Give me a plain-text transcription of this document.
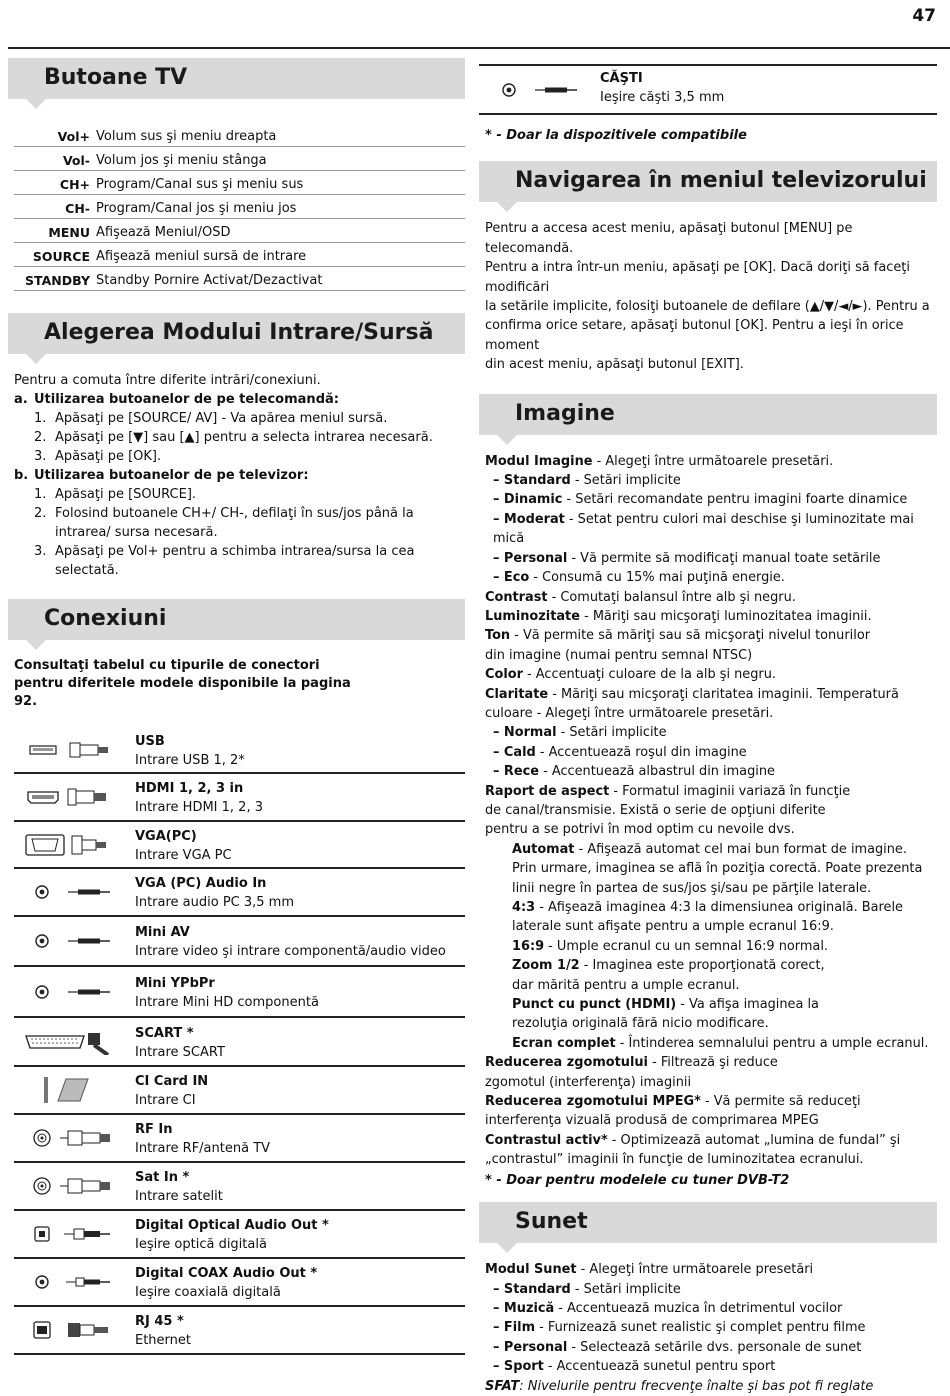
47
Butoane TV
Vol+ Volum sus şi meniu dreapta
Vol- Volum jos şi meniu stânga
CH+ Program/Canal sus şi meniu sus
CH- Program/Canal jos şi meniu jos
MENU Afişează Meniul/OSD
SOURCE Afişează meniul sursă de intrare
STANDBY Standby Pornire Activat/Dezactivat
Alegerea Modului Intrare/Sursă
Pentru a comuta între diferite intrări/conexiuni.
a. Utilizarea butoanelor de pe telecomandă:
1. Apăsaţi pe [SOURCE/ AV] - Va apărea meniul sursă.
2. Apăsaţi pe [▼] sau [▲] pentru a selecta intrarea necesară.
3. Apăsaţi pe [OK].
b. Utilizarea butoanelor de pe televizor:
1. Apăsaţi pe [SOURCE].
2. Folosind butoanele CH+/ CH-, defilaţi în sus/jos până la intrarea/ sursa necesară.
3. Apăsaţi pe Vol+ pentru a schimba intrarea/sursa la cea selectată.
Conexiuni
Consultaţi tabelul cu tipurile de conectori pentru diferitele modele disponibile la pagina 92.
USB
Intrare USB 1, 2*
HDMI 1, 2, 3 in
Intrare HDMI 1, 2, 3
VGA(PC)
Intrare VGA PC
VGA (PC) Audio In
Intrare audio PC 3,5 mm
Mini AV
Intrare video şi intrare componentă/audio video
Mini YPbPr
Intrare Mini HD componentă
SCART *
Intrare SCART
CI Card IN
Intrare CI
RF In
Intrare RF/antenă TV
Sat In *
Intrare satelit
Digital Optical Audio Out *
Ieşire optică digitală
Digital COAX Audio Out *
Ieşire coaxială digitală
RJ 45 *
Ethernet
CĂŞTI
Ieşire căşti 3,5 mm
* - Doar la dispozitivele compatibile
Navigarea în meniul televizorului
Pentru a accesa acest meniu, apăsaţi butonul [MENU] pe telecomandă.
Pentru a intra într-un meniu, apăsaţi pe [OK]. Dacă doriţi să faceţi modificări
la setările implicite, folosiţi butoanele de defilare (▲/▼/◄/►). Pentru a
confirma orice setare, apăsaţi butonul [OK]. Pentru a ieşi în orice moment
din acest meniu, apăsaţi butonul [EXIT].
Imagine
Modul Imagine - Alegeţi între următoarele presetări.
– Standard - Setări implicite
– Dinamic - Setări recomandate pentru imagini foarte dinamice
– Moderat - Setat pentru culori mai deschise şi luminozitate mai mică
– Personal - Vă permite să modificaţi manual toate setările
– Eco - Consumă cu 15% mai puţină energie.
Contrast - Comutaţi balansul între alb şi negru.
Luminozitate - Măriţi sau micşoraţi luminozitatea imaginii.
Ton - Vă permite să măriţi sau să micşoraţi nivelul tonurilor
din imagine (numai pentru semnal NTSC)
Color - Accentuaţi culoare de la alb şi negru.
Claritate - Măriţi sau micşoraţi claritatea imaginii. Temperatură
culoare - Alegeţi între următoarele presetări.
– Normal - Setări implicite
– Cald - Accentuează roşul din imagine
– Rece - Accentuează albastrul din imagine
Raport de aspect - Formatul imaginii variază în funcţie
de canal/transmisie. Există o serie de opţiuni diferite
pentru a se potrivi în mod optim cu nevoile dvs.
Automat - Afişează automat cel mai bun format de imagine.
Prin urmare, imaginea se află în poziţia corectă. Poate prezenta
linii negre în partea de sus/jos şi/sau pe părţile laterale.
4:3 - Afişează imaginea 4:3 la dimensiunea originală. Barele
laterale sunt afişate pentru a umple ecranul 16:9.
16:9 - Umple ecranul cu un semnal 16:9 normal.
Zoom 1/2 - Imaginea este proporţionată corect,
dar mărită pentru a umple ecranul.
Punct cu punct (HDMI) - Va afişa imaginea la
rezoluţia originală fără nicio modificare.
Ecran complet - Întinderea semnalului pentru a umple ecranul.
Reducerea zgomotului - Filtrează şi reduce
zgomotul (interferenţa) imaginii
Reducerea zgomotului MPEG* - Vă permite să reduceţi
interferenţa vizuală produsă de comprimarea MPEG
Contrastul activ* - Optimizează automat „lumina de fundal” şi
„contrastul” imaginii în funcţie de luminozitatea ecranului.
* - Doar pentru modelele cu tuner DVB-T2
Sunet
Modul Sunet - Alegeţi între următoarele presetări
– Standard - Setări implicite
– Muzică - Accentuează muzica în detrimentul vocilor
– Film - Furnizează sunet realistic şi complet pentru filme
– Personal - Selectează setările dvs. personale de sunet
– Sport - Accentuează sunetul pentru sport
SFAT: Nivelurile pentru frecvenţe înalte şi bas pot fi reglate
